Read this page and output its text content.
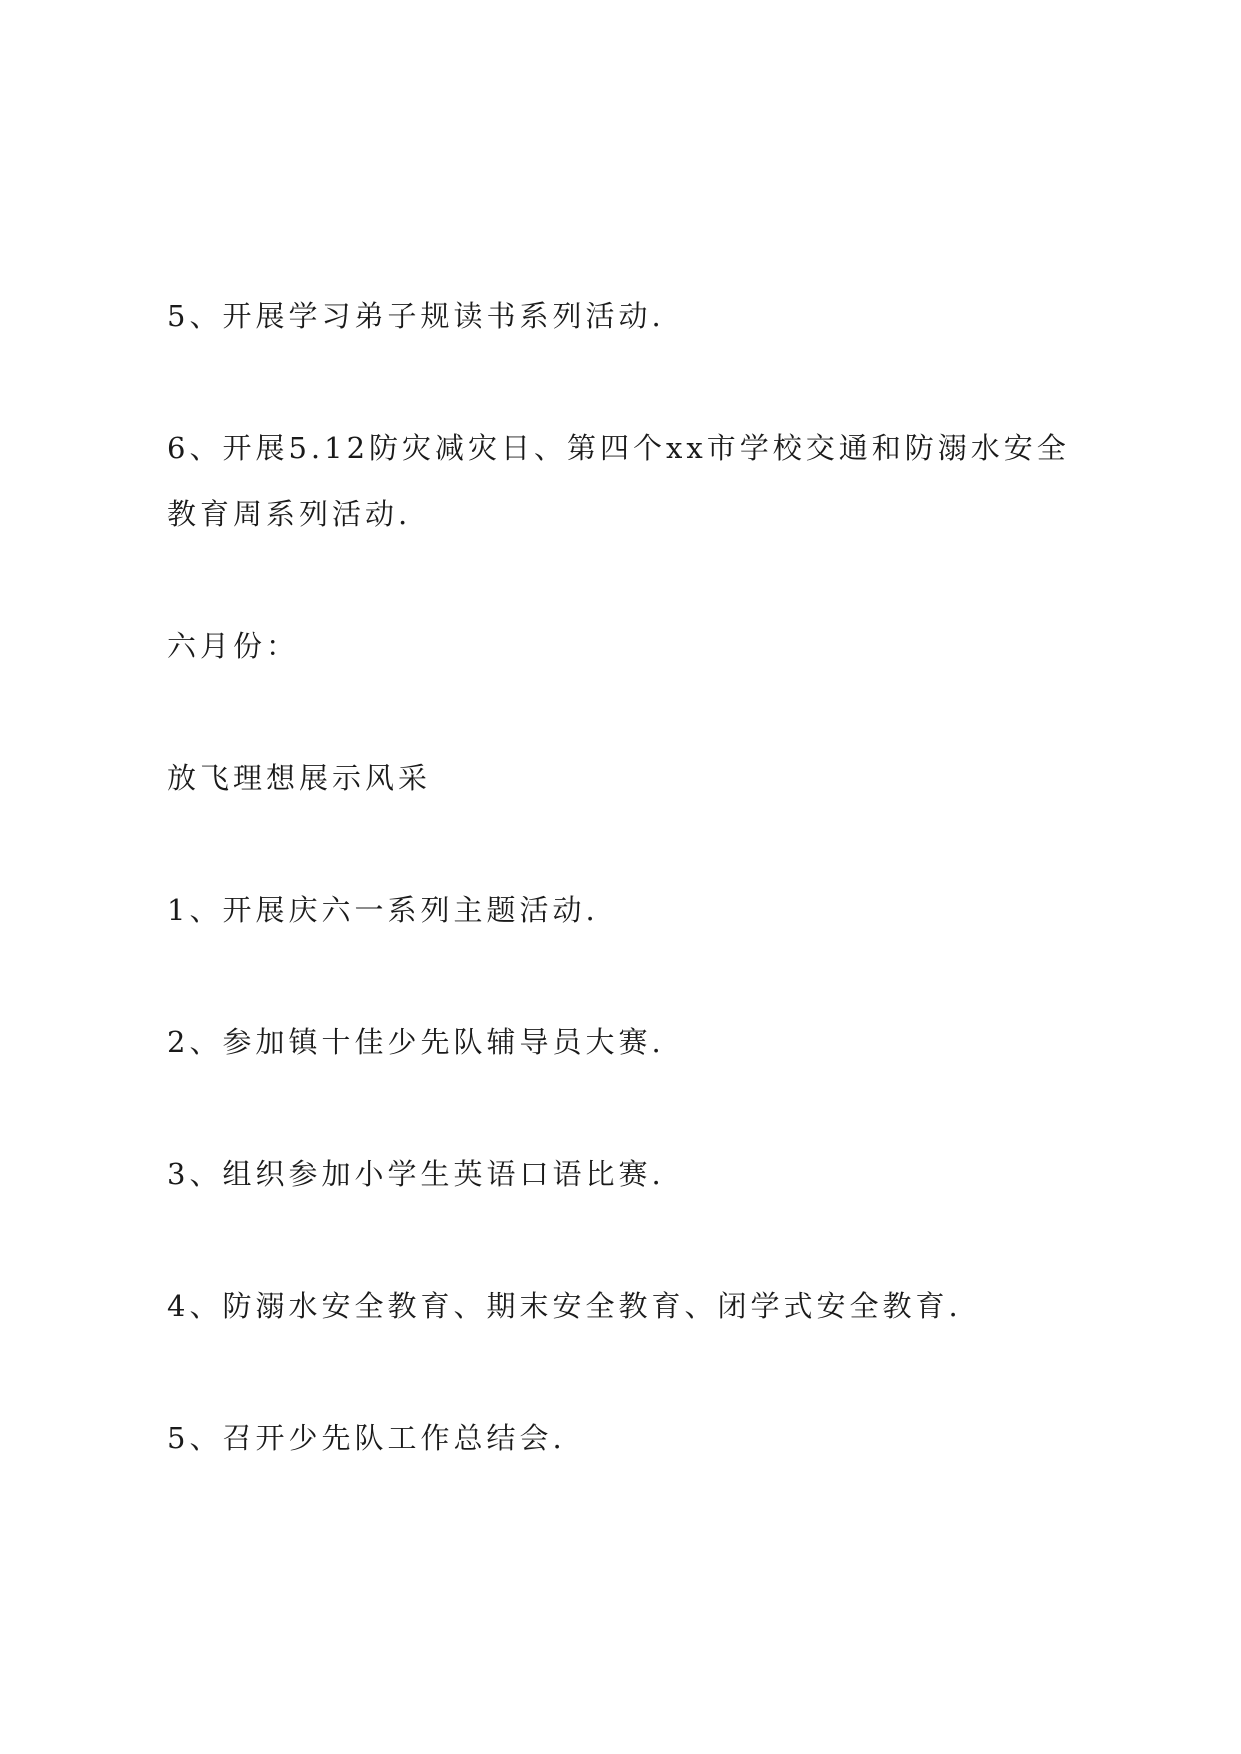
5、开展学习弟子规读书系列活动.
6、开展5.12防灾减灾日、第四个xx市学校交通和防溺水安全教育周系列活动.
六月份：
放飞理想展示风采
1、开展庆六一系列主题活动.
2、参加镇十佳少先队辅导员大赛.
3、组织参加小学生英语口语比赛.
4、防溺水安全教育、期末安全教育、闭学式安全教育.
5、召开少先队工作总结会.
